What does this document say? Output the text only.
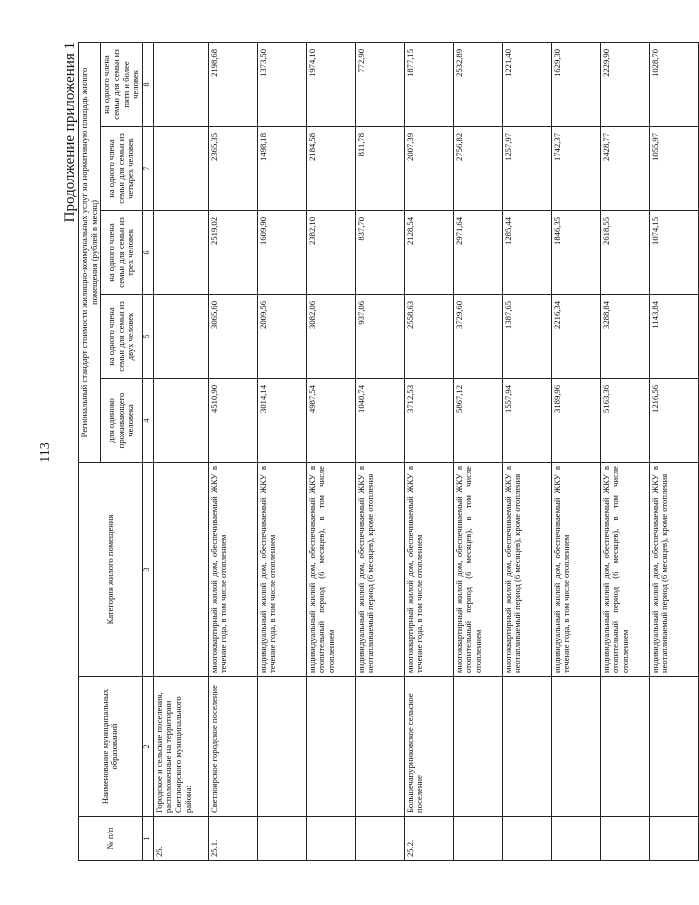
113
Продолжение приложения 1
№ п/п	Наименование муниципальных образований	Категория жилого помещения	Региональный стандарт стоимости жилищно-коммунальных услуг на нормативную площадь жилого помещения (рублей в месяц)				
			для одиноко проживающего человека	на одного члена семьи для семьи из двух человек	на одного члена семьи для семьи из трех человек	на одного члена семьи для семьи из четырех человек	на одного члена семьи для семьи из пяти и более человек
1	2	3	4	5	6	7	8
25.	Городское и сельские поселения, расположенные на территории Светлоярского муниципального района:						
25.1.	Светлоярское городское поселение	многоквартирный жилой дом, обеспечиваемый ЖКУ в течение года, в том числе отоплением	4510,90	3065,60	2519,02	2365,35	2198,68
		индивидуальный жилой дом, обеспечиваемый ЖКУ в течение года, в том числе отоплением	3014,14	2009,56	1609,90	1498,18	1373,50
		индивидуальный жилой дом, обеспечиваемый ЖКУ в отопительный период (6 месяцев), в том числе отоплением	4987,54	3082,06	2382,10	2184,58	1974,10
		индивидуальный жилой дом, обеспечиваемый ЖКУ в неотапливаемый период (6 месяцев), кроме отопления	1040,74	937,06	837,70	811,78	772,90
25.2.	Большечапурниковское сельское поселение	многоквартирный жилой дом, обеспечиваемый ЖКУ в течение года, в том числе отоплением	3712,53	2558,63	2128,54	2007,39	1877,15
		многоквартирный жилой дом, обеспечиваемый ЖКУ в отопительный период (6 месяцев), в том числе отоплением	5867,12	3729,60	2971,64	2756,82	2532,89
		многоквартирный жилой дом, обеспечиваемый ЖКУ в неотапливаемый период (6 месяцев), кроме отопления	1557,94	1387,65	1285,44	1257,97	1221,40
		индивидуальный жилой дом, обеспечиваемый ЖКУ в течение года, в том числе отоплением	3189,96	2216,34	1846,35	1742,37	1629,30
		индивидуальный жилой дом, обеспечиваемый ЖКУ в отопительный период (6 месяцев), в том числе отоплением	5163,36	3288,84	2618,55	2428,77	2229,90
		индивидуальный жилой дом, обеспечиваемый ЖКУ в неотапливаемый период (6 месяцев), кроме отопления	1216,56	1143,84	1074,15	1055,97	1028,70
